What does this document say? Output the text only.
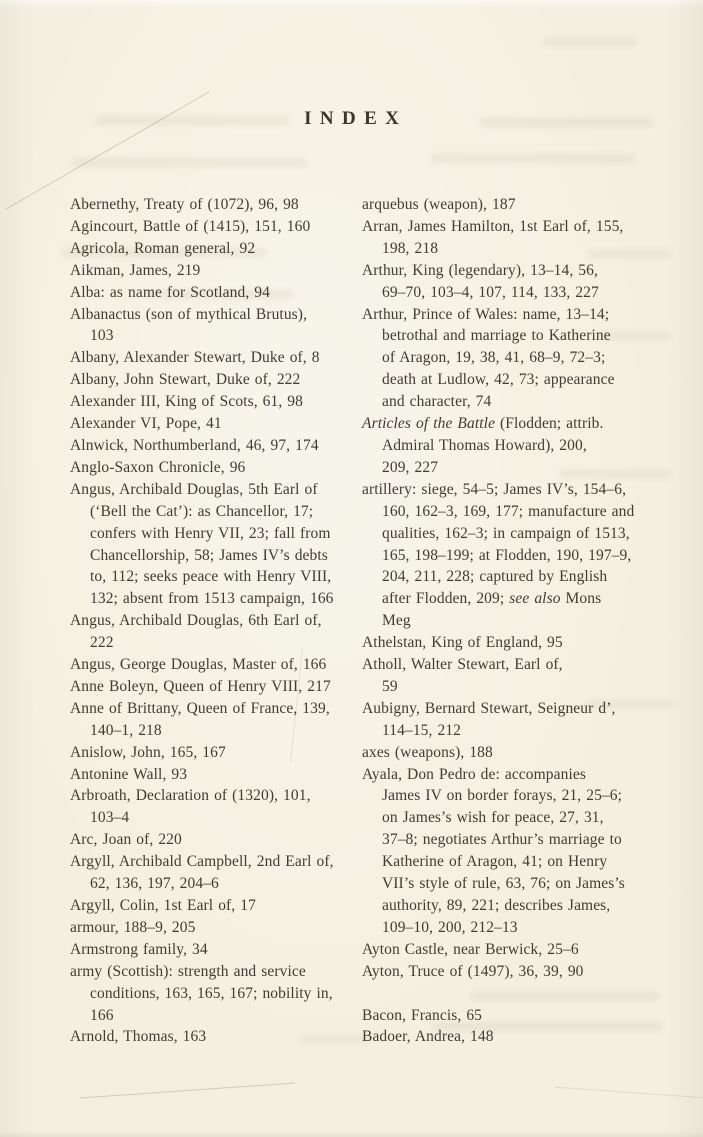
INDEX
Abernethy, Treaty of (1072), 96, 98
Agincourt, Battle of (1415), 151, 160
Agricola, Roman general, 92
Aikman, James, 219
Alba: as name for Scotland, 94
Albanactus (son of mythical Brutus),
103
Albany, Alexander Stewart, Duke of, 8
Albany, John Stewart, Duke of, 222
Alexander III, King of Scots, 61, 98
Alexander VI, Pope, 41
Alnwick, Northumberland, 46, 97, 174
Anglo-Saxon Chronicle, 96
Angus, Archibald Douglas, 5th Earl of
(‘Bell the Cat’): as Chancellor, 17;
confers with Henry VII, 23; fall from
Chancellorship, 58; James IV’s debts
to, 112; seeks peace with Henry VIII,
132; absent from 1513 campaign, 166
Angus, Archibald Douglas, 6th Earl of,
222
Angus, George Douglas, Master of, 166
Anne Boleyn, Queen of Henry VIII, 217
Anne of Brittany, Queen of France, 139,
140–1, 218
Anislow, John, 165, 167
Antonine Wall, 93
Arbroath, Declaration of (1320), 101,
103–4
Arc, Joan of, 220
Argyll, Archibald Campbell, 2nd Earl of,
62, 136, 197, 204–6
Argyll, Colin, 1st Earl of, 17
armour, 188–9, 205
Armstrong family, 34
army (Scottish): strength and service
conditions, 163, 165, 167; nobility in,
166
Arnold, Thomas, 163
arquebus (weapon), 187
Arran, James Hamilton, 1st Earl of, 155,
198, 218
Arthur, King (legendary), 13–14, 56,
69–70, 103–4, 107, 114, 133, 227
Arthur, Prince of Wales: name, 13–14;
betrothal and marriage to Katherine
of Aragon, 19, 38, 41, 68–9, 72–3;
death at Ludlow, 42, 73; appearance
and character, 74
Articles of the Battle (Flodden; attrib.
Admiral Thomas Howard), 200,
209, 227
artillery: siege, 54–5; James IV’s, 154–6,
160, 162–3, 169, 177; manufacture and
qualities, 162–3; in campaign of 1513,
165, 198–199; at Flodden, 190, 197–9,
204, 211, 228; captured by English
after Flodden, 209; see also Mons
Meg
Athelstan, King of England, 95
Atholl, Walter Stewart, Earl of,
59
Aubigny, Bernard Stewart, Seigneur d’,
114–15, 212
axes (weapons), 188
Ayala, Don Pedro de: accompanies
James IV on border forays, 21, 25–6;
on James’s wish for peace, 27, 31,
37–8; negotiates Arthur’s marriage to
Katherine of Aragon, 41; on Henry
VII’s style of rule, 63, 76; on James’s
authority, 89, 221; describes James,
109–10, 200, 212–13
Ayton Castle, near Berwick, 25–6
Ayton, Truce of (1497), 36, 39, 90
Bacon, Francis, 65
Badoer, Andrea, 148
